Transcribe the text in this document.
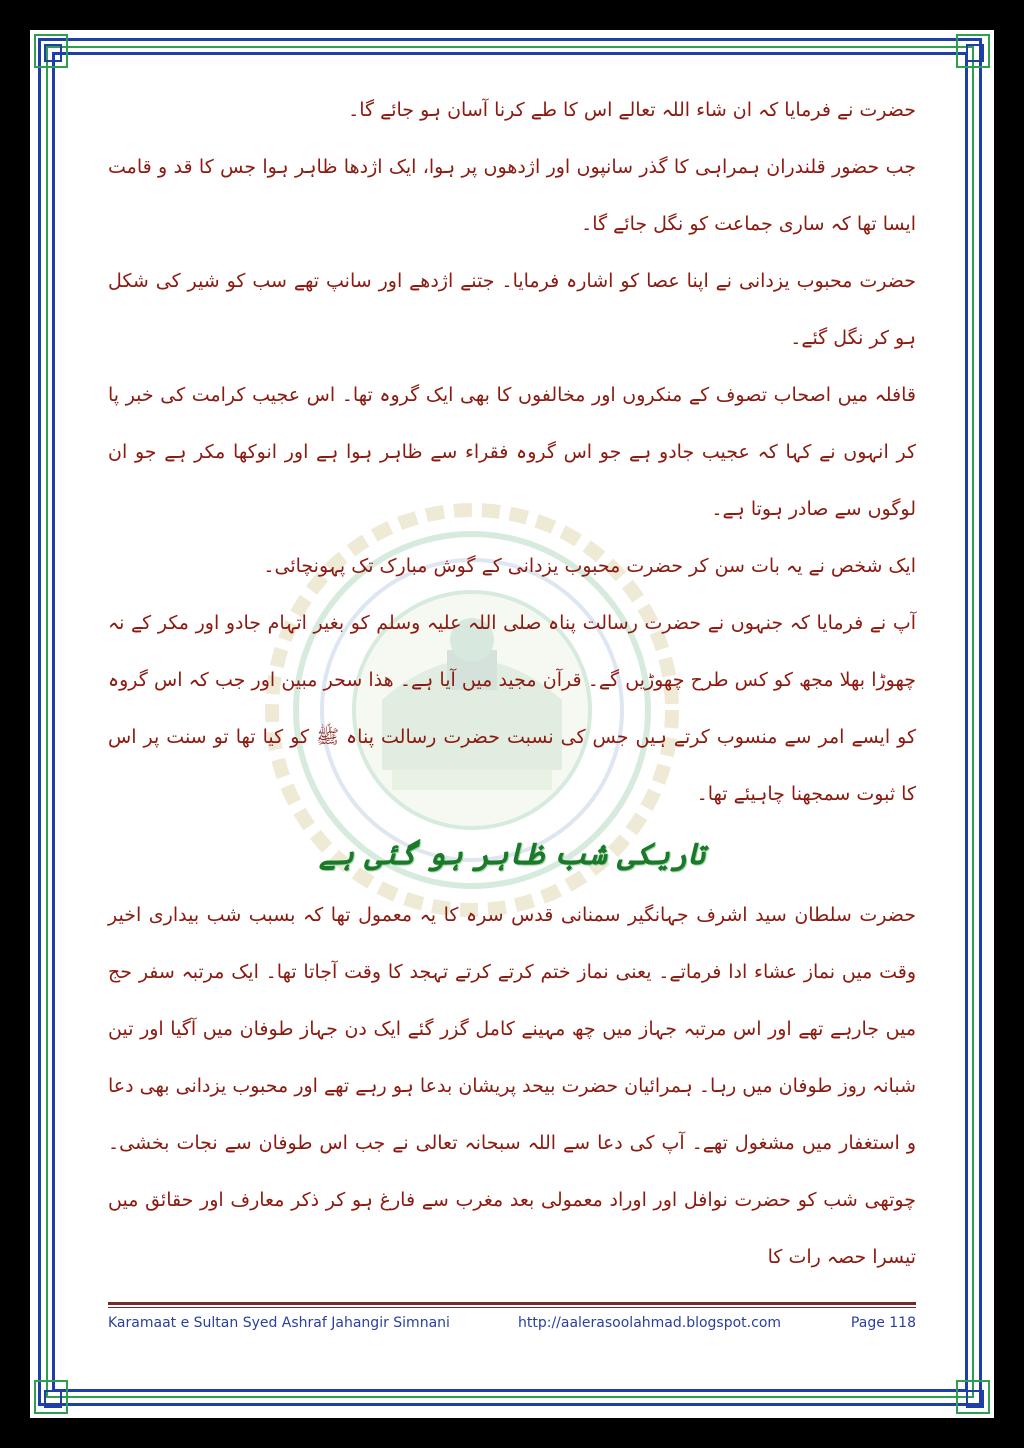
حضرت نے فرمایا کہ ان شاء اللہ تعالے اس کا طے کرنا آسان ہو جائے گا۔

جب حضور قلندران ہمراہی کا گذر سانپوں اور اژدھوں پر ہوا، ایک اژدھا ظاہر ہوا جس کا قد و قامت ایسا تھا کہ ساری جماعت کو نگل جائے گا۔

حضرت محبوب یزدانی نے اپنا عصا کو اشارہ فرمایا۔ جتنے اژدھے اور سانپ تھے سب کو شیر کی شکل ہو کر نگل گئے۔

قافلہ میں اصحاب تصوف کے منکروں اور مخالفوں کا بھی ایک گروہ تھا۔ اس عجیب کرامت کی خبر پا کر انہوں نے کہا کہ عجیب جادو ہے جو اس گروہ فقراء سے ظاہر ہوا ہے اور انوکھا مکر ہے جو ان لوگوں سے صادر ہوتا ہے۔

ایک شخص نے یہ بات سن کر حضرت محبوب یزدانی کے گوش مبارک تک پہونچائی۔

آپ نے فرمایا کہ جنہوں نے حضرت رسالت پناہ صلی اللہ علیہ وسلم کو بغیر اتہام جادو اور مکر کے نہ چھوڑا بھلا مجھ کو کس طرح چھوڑیں گے۔ قرآن مجید میں آیا ہے۔ ھذا سحر مبین اور جب کہ اس گروہ کو ایسے امر سے منسوب کرتے ہیں جس کی نسبت حضرت رسالت پناہ ﷺ کو کیا تھا تو سنت پر اس کا ثبوت سمجھنا چاہیئے تھا۔

تاریکی شب ظاہر ہو گئی ہے

حضرت سلطان سید اشرف جہانگیر سمنانی قدس سرہ کا یہ معمول تھا کہ بسبب شب بیداری اخیر وقت میں نماز عشاء ادا فرماتے۔ یعنی نماز ختم کرتے کرتے تہجد کا وقت آجاتا تھا۔ ایک مرتبہ سفر حج میں جارہے تھے اور اس مرتبہ جہاز میں چھ مہینے کامل گزر گئے ایک دن جہاز طوفان میں آگیا اور تین شبانہ روز طوفان میں رہا۔ ہمرائیان حضرت بیحد پریشان بدعا ہو رہے تھے اور محبوب یزدانی بھی دعا و استغفار میں مشغول تھے۔ آپ کی دعا سے اللہ سبحانہ تعالی نے جب اس طوفان سے نجات بخشی۔ چوتھی شب کو حضرت نوافل اور اوراد معمولی بعد مغرب سے فارغ ہو کر ذکر معارف اور حقائق میں تیسرا حصہ رات کا

Karamaat e Sultan Syed Ashraf Jahangir Simnani	http://aalerasoolahmad.blogspot.com	Page 118
